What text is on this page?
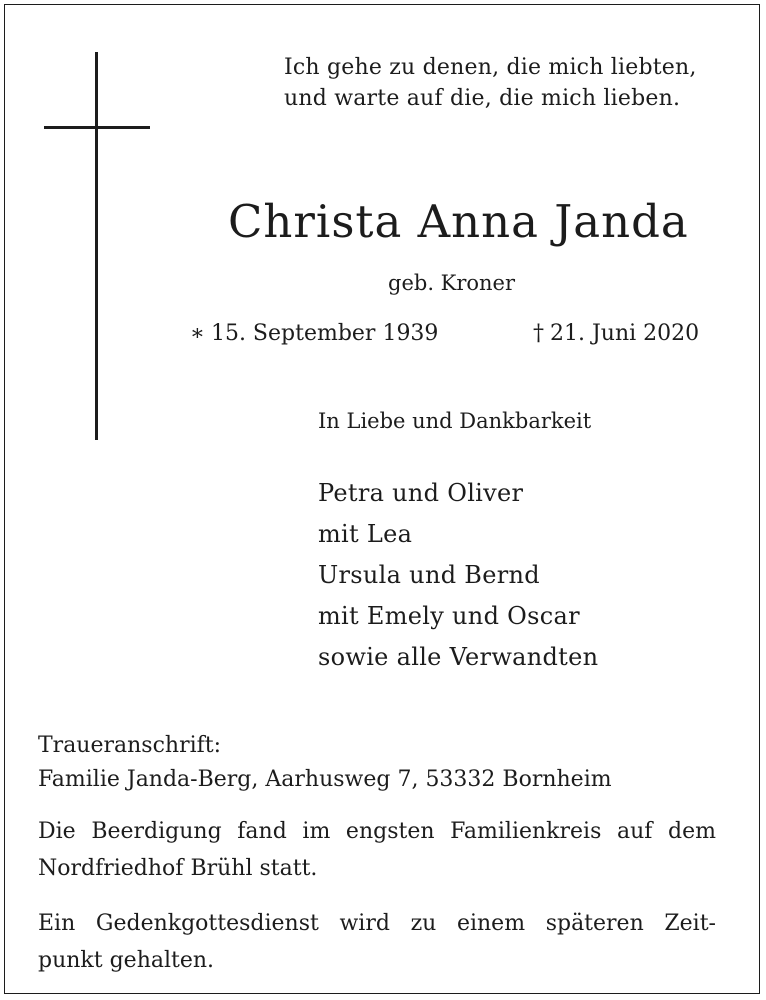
Ich gehe zu denen, die mich liebten,
und warte auf die, die mich lieben.
Christa Anna Janda
geb. Kroner
∗ 15. September 1939	† 21. Juni 2020
In Liebe und Dankbarkeit
Petra und Oliver
mit Lea
Ursula und Bernd
mit Emely und Oscar
sowie alle Verwandten
Traueranschrift:
Familie Janda-Berg, Aarhusweg 7, 53332 Bornheim
Die Beerdigung fand im engsten Familienkreis auf dem
Nordfriedhof Brühl statt.
Ein Gedenkgottesdienst wird zu einem späteren Zeit-
punkt gehalten.
